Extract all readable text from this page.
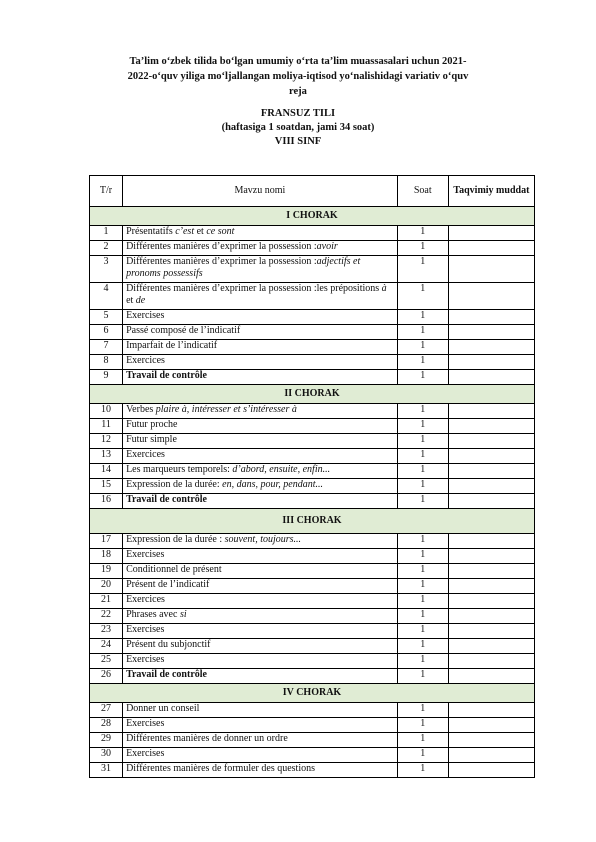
Ta’lim o‘zbek tilida bo‘lgan umumiy o‘rta ta’lim muassasalari uchun 2021-
2022-o‘quv yiliga mo‘ljallangan moliya-iqtisod yo‘nalishidagi variativ o‘quv
reja
FRANSUZ TILI
(haftasiga 1 soatdan, jami 34 soat)
VIII SINF
T/r	Mavzu nomi	Soat	Taqvimiy muddat
I CHORAK			
1	Présentatifs c’est et ce sont	1	
2	Différentes manières d’exprimer la possession :avoir	1	
3	Différentes manières d’exprimer la possession :adjectifs et pronoms possessifs	1	
4	Différentes manières d’exprimer la possession :les prépositions à et de	1	
5	Exercises	1	
6	Passé composé de l’indicatif	1	
7	Imparfait de l’indicatif	1	
8	Exercices	1	
9	Travail de contrôle	1	
II CHORAK			
10	Verbes plaire à, intéresser et s’intéresser à	1	
11	Futur proche	1	
12	Futur simple	1	
13	Exercices	1	
14	Les marqueurs temporels: d’abord, ensuite, enfin...	1	
15	Expression de la durée: en, dans, pour, pendant...	1	
16	Travail de contrôle	1	
III CHORAK			
17	Expression de la durée : souvent, toujours...	1	
18	Exercises	1	
19	Conditionnel de présent	1	
20	Présent de l’indicatif	1	
21	Exercices	1	
22	Phrases avec si	1	
23	Exercises	1	
24	Présent du subjonctif	1	
25	Exercises	1	
26	Travail de contrôle	1	
IV CHORAK			
27	Donner un conseil	1	
28	Exercises	1	
29	Différentes manières de donner un ordre	1	
30	Exercises	1	
31	Différentes manières de formuler des questions	1	
